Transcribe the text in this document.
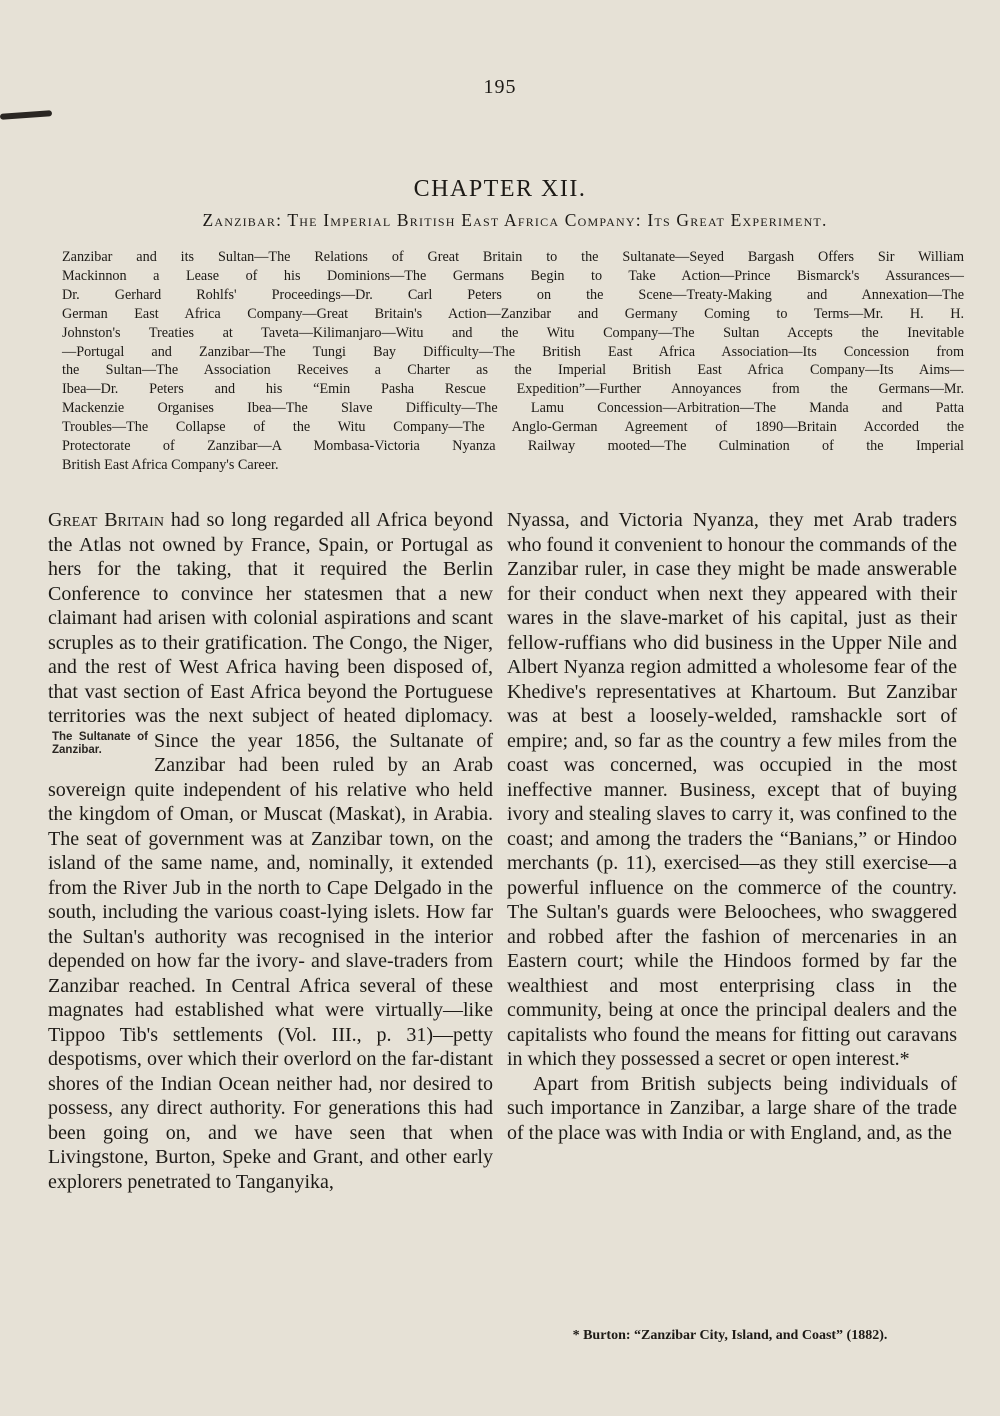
195
CHAPTER XII.
Zanzibar: The Imperial British East Africa Company: Its Great Experiment.
Zanzibar and its Sultan—The Relations of Great Britain to the Sultanate—Seyed Bargash Offers Sir William
Mackinnon a Lease of his Dominions—The Germans Begin to Take Action—Prince Bismarck's Assurances—
Dr. Gerhard Rohlfs' Proceedings—Dr. Carl Peters on the Scene—Treaty-Making and Annexation—The
German East Africa Company—Great Britain's Action—Zanzibar and Germany Coming to Terms—Mr. H. H.
Johnston's Treaties at Taveta—Kilimanjaro—Witu and the Witu Company—The Sultan Accepts the Inevitable
—Portugal and Zanzibar—The Tungi Bay Difficulty—The British East Africa Association—Its Concession from
the Sultan—The Association Receives a Charter as the Imperial British East Africa Company—Its Aims—
Ibea—Dr. Peters and his “Emin Pasha Rescue Expedition”—Further Annoyances from the Germans—Mr.
Mackenzie Organises Ibea—The Slave Difficulty—The Lamu Concession—Arbitration—The Manda and Patta
Troubles—The Collapse of the Witu Company—The Anglo-German Agreement of 1890—Britain Accorded the
Protectorate of Zanzibar—A Mombasa-Victoria Nyanza Railway mooted—The Culmination of the Imperial
British East Africa Company's Career.

Great Britain had so long regarded all Africa beyond the Atlas not owned by France, Spain, or Portugal as hers for the taking, that it required the Berlin Conference to convince her statesmen that a new claimant had arisen with colonial aspirations and scant scruples as to their gratification. The Congo, the Niger, and the rest of West Africa having been disposed of, that vast section of East Africa beyond the Portuguese territories was the next subject of heated diplomacy. Since the year 1856, the
The Sultanate of Zanzibar.	Sultanate of Zanzibar had been ruled by an Arab sovereign quite independent of his relative who held the kingdom of Oman, or Muscat (Maskat), in Arabia. The seat of government was at Zanzibar town, on the island of the same name, and, nominally, it extended from the River Jub in the north to Cape Delgado in the south, including the various coast-lying islets. How far the Sultan's authority was recognised in the interior depended on how far the ivory- and slave-traders from Zanzibar reached. In Central Africa several of these magnates had established what were virtually—like Tippoo Tib's settlements (Vol. III., p. 31)—petty despotisms, over which their overlord on the far-distant shores of the Indian Ocean neither had, nor desired to possess, any direct authority. For generations this had been going on, and we have seen that when Livingstone, Burton, Speke and Grant, and other early explorers penetrated to Tanganyika,

Nyassa, and Victoria Nyanza, they met Arab traders who found it convenient to honour the commands of the Zanzibar ruler, in case they might be made answerable for their conduct when next they appeared with their wares in the slave-market of his capital, just as their fellow-ruffians who did business in the Upper Nile and Albert Nyanza region admitted a wholesome fear of the Khedive's representatives at Khartoum. But Zanzibar was at best a loosely-welded, ramshackle sort of empire; and, so far as the country a few miles from the coast was concerned, was occupied in the most ineffective manner. Business, except that of buying ivory and stealing slaves to carry it, was confined to the coast; and among the traders the “Banians,” or Hindoo merchants (p. 11), exercised—as they still exercise—a powerful influence on the commerce of the country. The Sultan's guards were Beloochees, who swaggered and robbed after the fashion of mercenaries in an Eastern court; while the Hindoos formed by far the wealthiest and most enterprising class in the community, being at once the principal dealers and the capitalists who found the means for fitting out caravans in which they possessed a secret or open interest.*

Apart from British subjects being individuals of such importance in Zanzibar, a large share of the trade of the place was with India or with England, and, as the

* Burton: “Zanzibar City, Island, and Coast” (1882).
